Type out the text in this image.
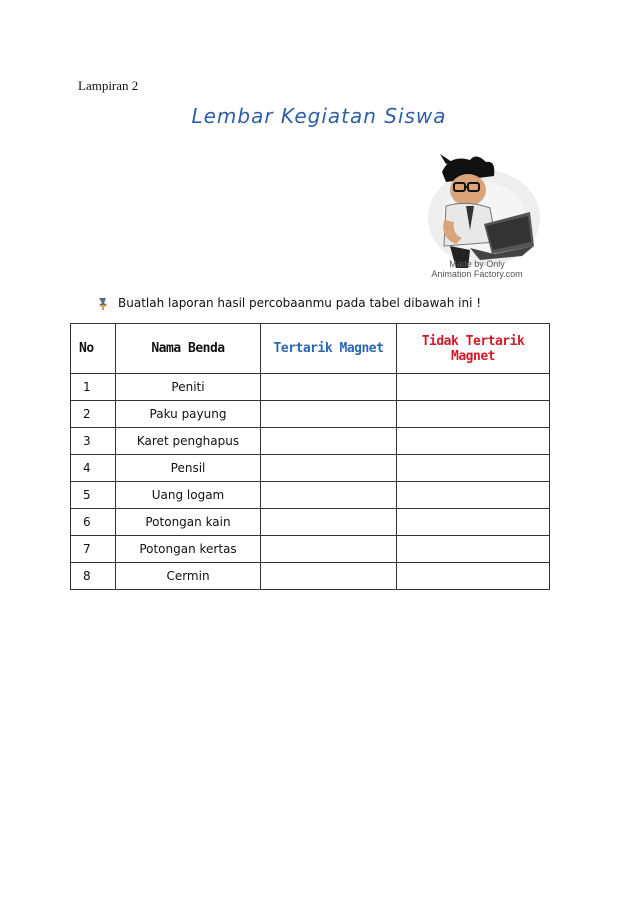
Lampiran 2
Lembar Kegiatan Siswa
Made by Only
Animation Factory.com
Buatlah laporan hasil percobaanmu pada tabel dibawah ini !
No	Nama Benda	Tertarik Magnet	Tidak Tertarik Magnet
1	Peniti		
2	Paku payung		
3	Karet penghapus		
4	Pensil		
5	Uang logam		
6	Potongan kain		
7	Potongan kertas		
8	Cermin		
